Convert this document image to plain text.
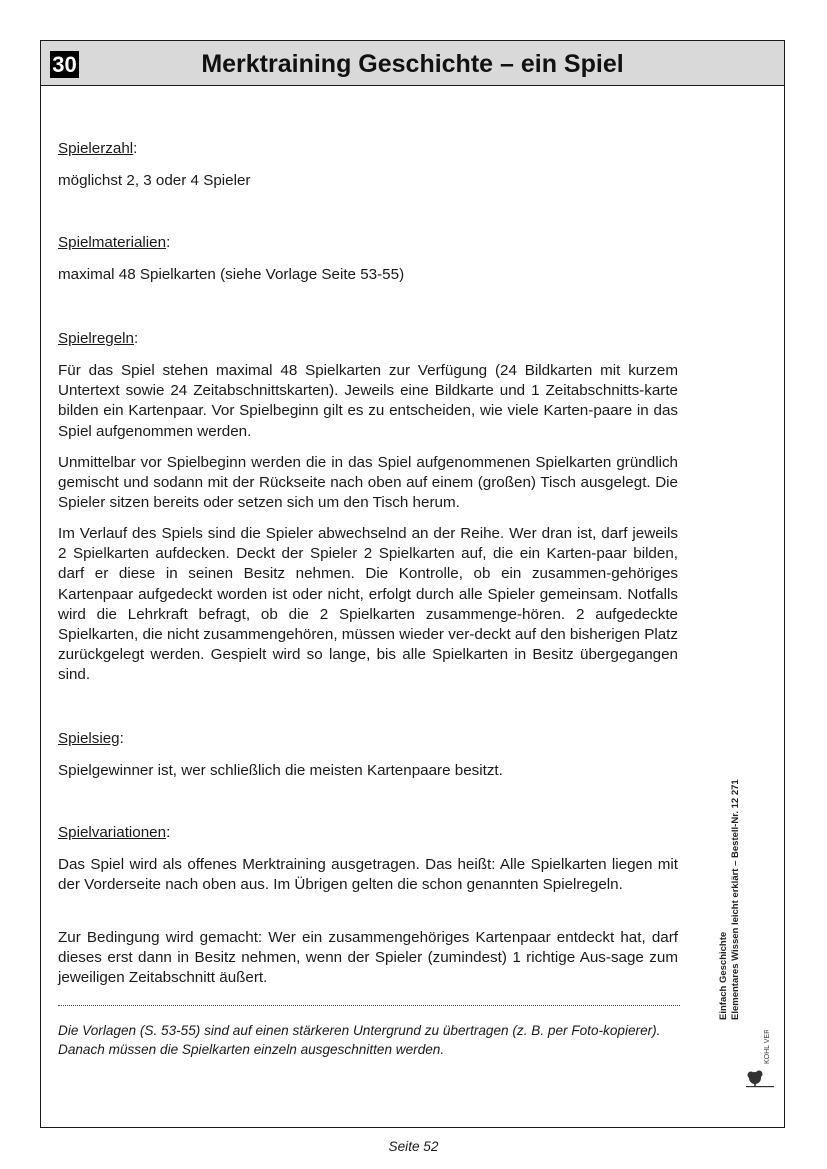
30	Merktraining Geschichte – ein Spiel
Spielerzahl:
möglichst 2, 3 oder 4 Spieler
Spielmaterialien:
maximal 48 Spielkarten (siehe Vorlage Seite 53-55)
Spielregeln:
Für das Spiel stehen maximal 48 Spielkarten zur Verfügung (24 Bildkarten mit kurzem Untertext sowie 24 Zeitabschnittskarten). Jeweils eine Bildkarte und 1 Zeitabschnitts-karte bilden ein Kartenpaar. Vor Spielbeginn gilt es zu entscheiden, wie viele Karten-paare in das Spiel aufgenommen werden.
Unmittelbar vor Spielbeginn werden die in das Spiel aufgenommenen Spielkarten gründlich gemischt und sodann mit der Rückseite nach oben auf einem (großen) Tisch ausgelegt. Die Spieler sitzen bereits oder setzen sich um den Tisch herum.
Im Verlauf des Spiels sind die Spieler abwechselnd an der Reihe. Wer dran ist, darf jeweils 2 Spielkarten aufdecken. Deckt der Spieler 2 Spielkarten auf, die ein Karten-paar bilden, darf er diese in seinen Besitz nehmen. Die Kontrolle, ob ein zusammen-gehöriges Kartenpaar aufgedeckt worden ist oder nicht, erfolgt durch alle Spieler gemeinsam. Notfalls wird die Lehrkraft befragt, ob die 2 Spielkarten zusammenge-hören. 2 aufgedeckte Spielkarten, die nicht zusammengehören, müssen wieder ver-deckt auf den bisherigen Platz zurückgelegt werden. Gespielt wird so lange, bis alle Spielkarten in Besitz übergegangen sind.
Spielsieg:
Spielgewinner ist, wer schließlich die meisten Kartenpaare besitzt.
Spielvariationen:
Das Spiel wird als offenes Merktraining ausgetragen. Das heißt: Alle Spielkarten liegen mit der Vorderseite nach oben aus. Im Übrigen gelten die schon genannten Spielregeln.
Zur Bedingung wird gemacht: Wer ein zusammengehöriges Kartenpaar entdeckt hat, darf dieses erst dann in Besitz nehmen, wenn der Spieler (zumindest) 1 richtige Aus-sage zum jeweiligen Zeitabschnitt äußert.
Die Vorlagen (S. 53-55) sind auf einen stärkeren Untergrund zu übertragen (z. B. per Foto-kopierer). Danach müssen die Spielkarten einzeln ausgeschnitten werden.
Einfach Geschichte Elementares Wissen leicht erklärt – Bestell-Nr. 12 271
KOHL VERLAG
Seite 52
